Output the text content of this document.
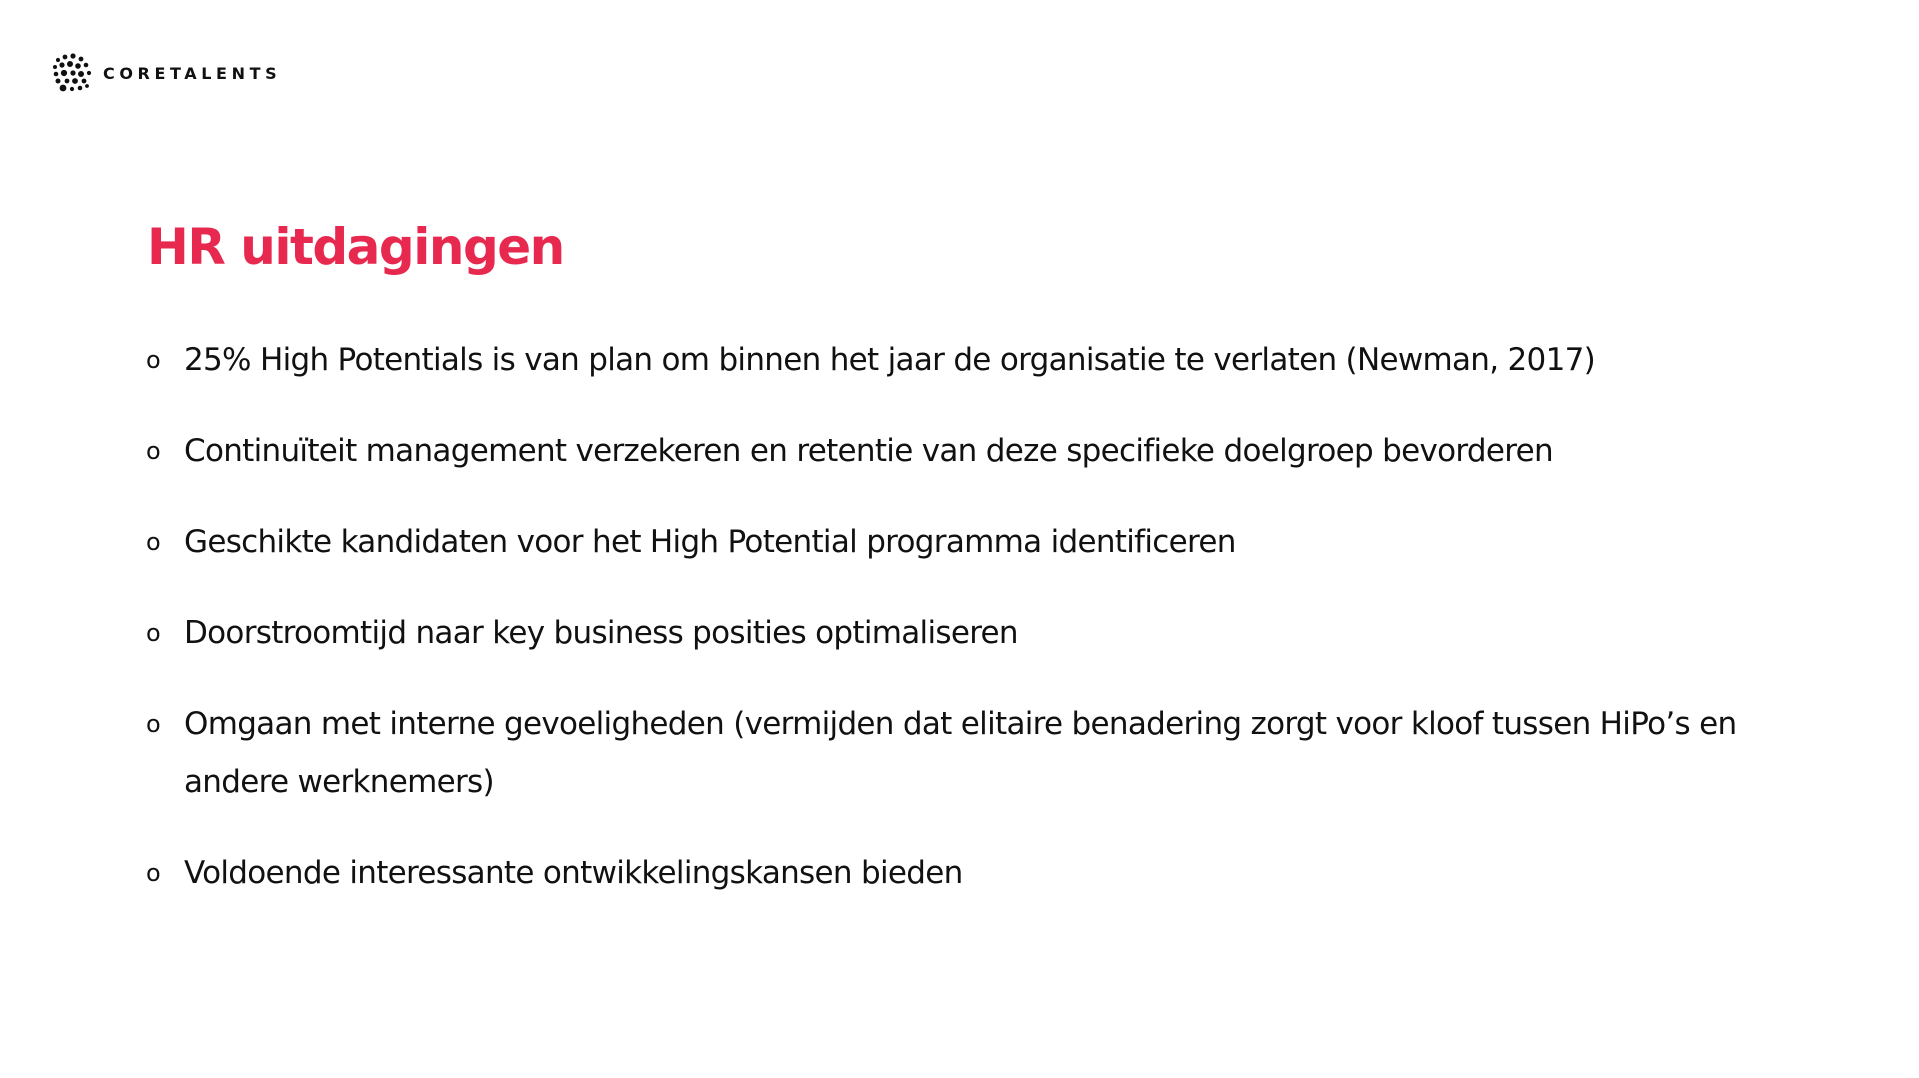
CORETALENTS
HR uitdagingen
o 25% High Potentials is van plan om binnen het jaar de organisatie te verlaten (Newman, 2017)
o Continuïteit management verzekeren en retentie van deze specifieke doelgroep bevorderen
o Geschikte kandidaten voor het High Potential programma identificeren
o Doorstroomtijd naar key business posities optimaliseren
o Omgaan met interne gevoeligheden (vermijden dat elitaire benadering zorgt voor kloof tussen HiPo’s en andere werknemers)
o Voldoende interessante ontwikkelingskansen bieden
